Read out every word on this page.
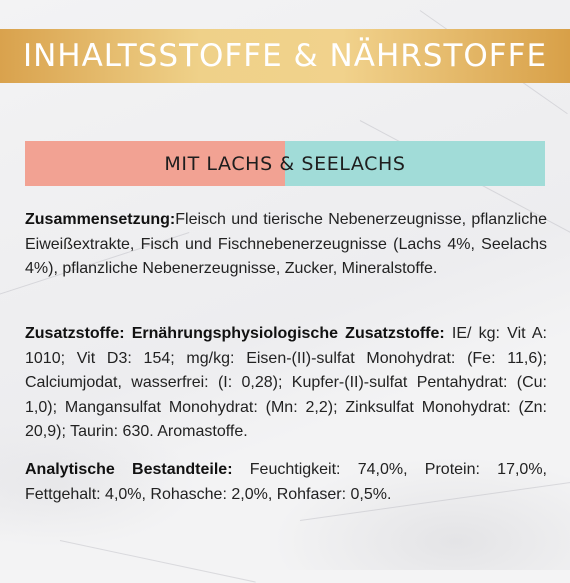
INHALTSSTOFFE & NÄHRSTOFFE
MIT LACHS & SEELACHS
Zusammensetzung:Fleisch und tierische Nebenerzeugnisse, pflanzliche Eiweißextrakte, Fisch und Fischnebenerzeugnisse (Lachs 4%, Seelachs 4%), pflanzliche Nebenerzeugnisse, Zucker, Mineralstoffe.
Zusatzstoffe: Ernährungsphysiologische Zusatzstoffe: IE/ kg: Vit A: 1010; Vit D3: 154; mg/kg: Eisen-(II)-sulfat Monohydrat: (Fe: 11,6); Calciumjodat, wasserfrei: (I: 0,28); Kupfer-(II)-sulfat Pentahydrat: (Cu: 1,0); Mangansulfat Monohydrat: (Mn: 2,2); Zinksulfat Monohydrat: (Zn: 20,9); Taurin: 630. Aromastoffe.
Analytische Bestandteile: Feuchtigkeit: 74,0%, Protein: 17,0%, Fettgehalt: 4,0%, Rohasche: 2,0%, Rohfaser: 0,5%.
